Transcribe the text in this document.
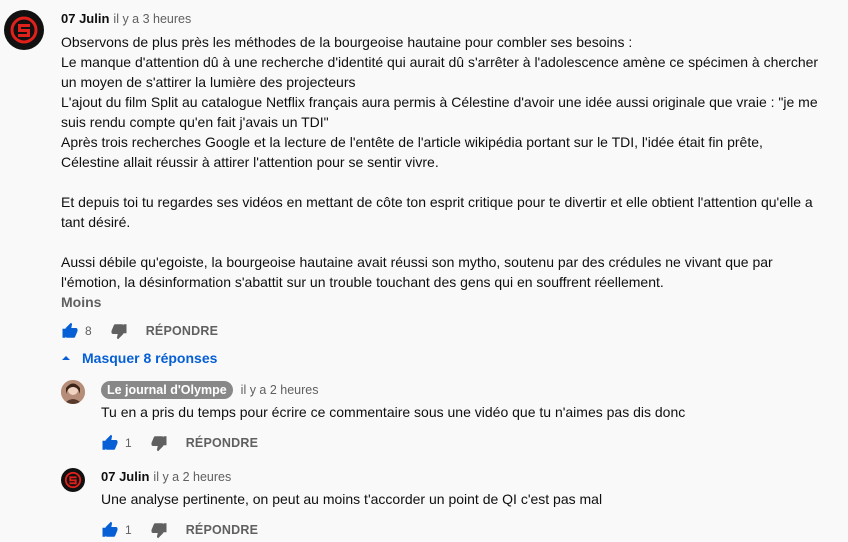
07 Julin il y a 3 heures
Observons de plus près les méthodes de la bourgeoise hautaine pour combler ses besoins :
Le manque d'attention dû à une recherche d'identité qui aurait dû s'arrêter à l'adolescence amène ce spécimen à chercher un moyen de s'attirer la lumière des projecteurs
L'ajout du film Split au catalogue Netflix français aura permis à Célestine d'avoir une idée aussi originale que vraie : "je me suis rendu compte qu'en fait j'avais un TDI"
Après trois recherches Google et la lecture de l'entête de l'article wikipédia portant sur le TDI, l'idée était fin prête, Célestine allait réussir à attirer l'attention pour se sentir vivre.

Et depuis toi tu regardes ses vidéos en mettant de côte ton esprit critique pour te divertir et elle obtient l'attention qu'elle a tant désiré.

Aussi débile qu'egoiste, la bourgeoise hautaine avait réussi son mytho, soutenu par des crédules ne vivant que par l'émotion, la désinformation s'abattit sur un trouble touchant des gens qui en souffrent réellement.
Moins
8	RÉPONDRE
Masquer 8 réponses
Le journal d'Olympe	il y a 2 heures
Tu en a pris du temps pour écrire ce commentaire sous une vidéo que tu n'aimes pas dis donc
1	RÉPONDRE
07 Julin il y a 2 heures
Une analyse pertinente, on peut au moins t'accorder un point de QI c'est pas mal
1	RÉPONDRE
